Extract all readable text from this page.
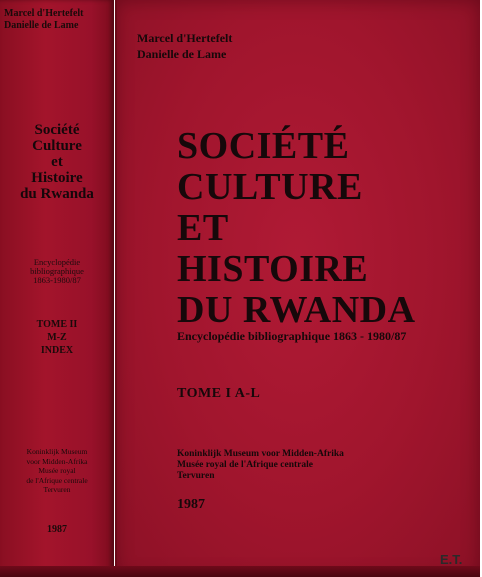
Marcel d'Hertefelt
Danielle de Lame
Société
Culture
et
Histoire
du Rwanda
Encyclopédie
bibliographique
1863-1980/87
TOME II
M-Z
INDEX
Koninklijk Museum
voor Midden-Afrika
Musée royal
de l'Afrique centrale
Tervuren
1987
Marcel d'Hertefelt
Danielle de Lame
SOCIÉTÉ
CULTURE
ET
HISTOIRE
DU RWANDA
Encyclopédie bibliographique 1863 - 1980/87
TOME I A-L
Koninklijk Museum voor Midden-Afrika
Musée royal de l'Afrique centrale
Tervuren
1987
E.T.
